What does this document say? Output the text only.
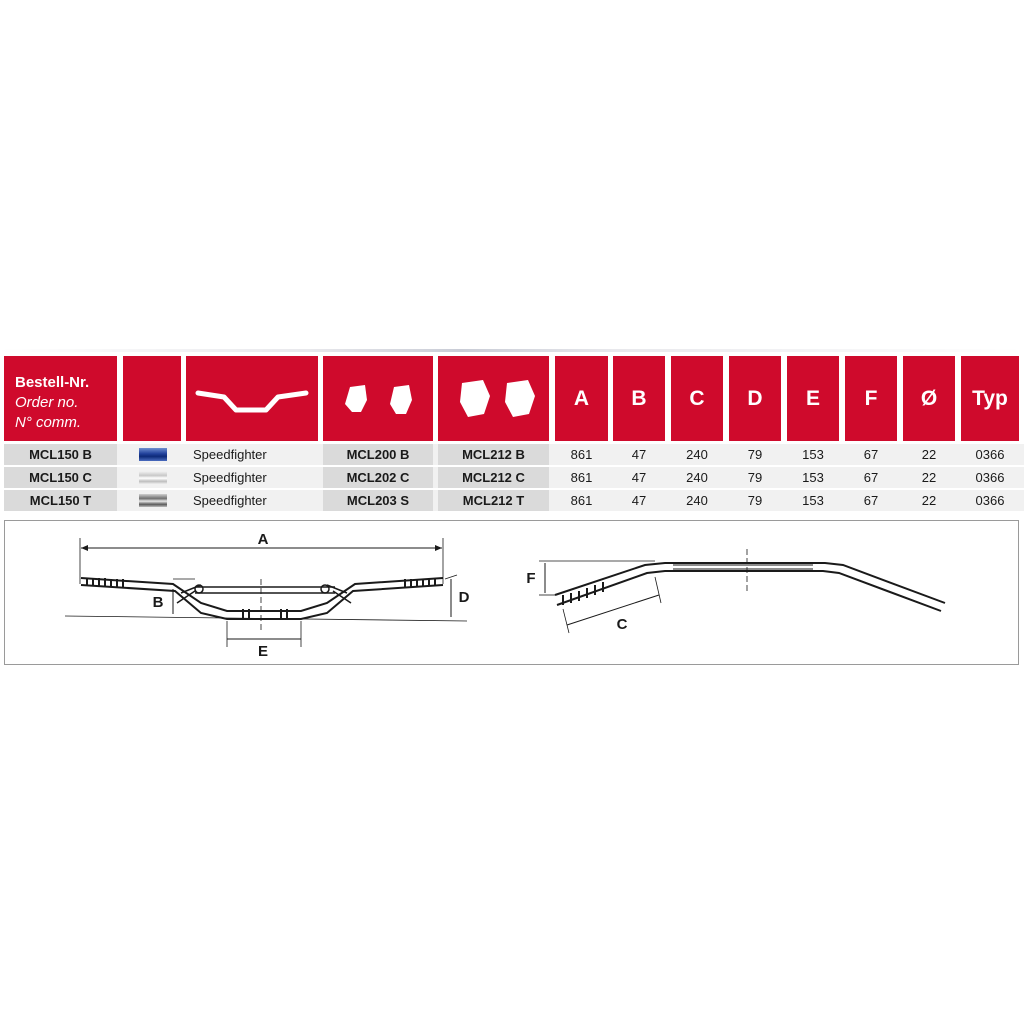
Bestell-Nr.
Order no.
N° comm.
A	B	C	D	E	F	Ø	Typ
MCL150 B	Speedfighter	MCL200 B	MCL212 B	861	47	240	79	153	67	22	0366
MCL150 C	Speedfighter	MCL202 C	MCL212 C	861	47	240	79	153	67	22	0366
MCL150 T	Speedfighter	MCL203 S	MCL212 T	861	47	240	79	153	67	22	0366
A
B	D
E
F
C
